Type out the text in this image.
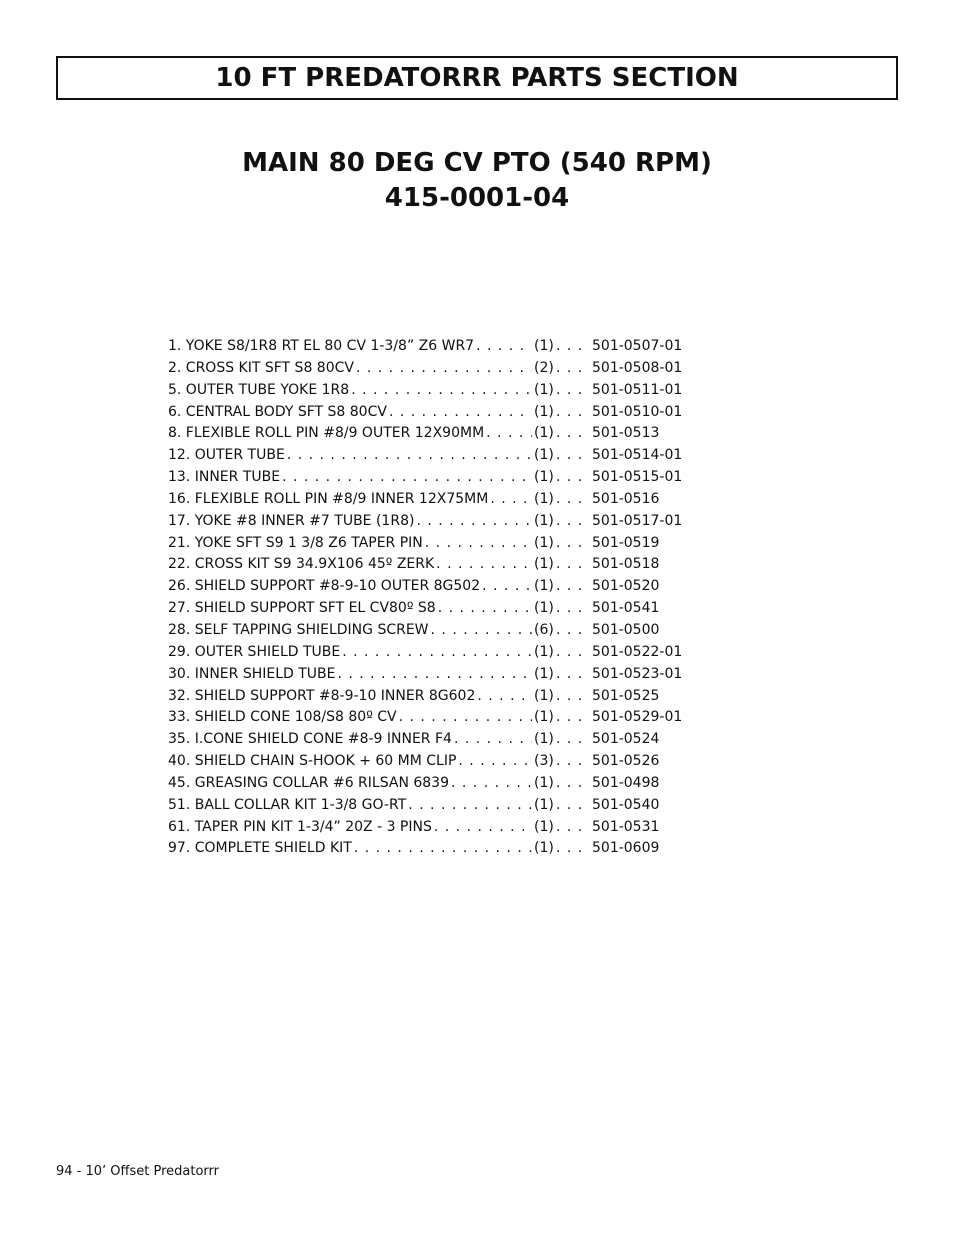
10 FT PREDATORRR PARTS SECTION
MAIN 80 DEG CV PTO (540 RPM)
415-0001-04
1. YOKE S8/1R8 RT EL 80 CV 1-3/8” Z6 WR7 . . .	(1) . . .	501-0507-01
2. CROSS KIT SFT S8 80CV . . .	(2) . . .	501-0508-01
5. OUTER TUBE YOKE 1R8 . . .	(1) . . .	501-0511-01
6. CENTRAL BODY SFT S8 80CV . . .	(1) . . .	501-0510-01
8. FLEXIBLE ROLL PIN #8/9 OUTER 12X90MM . . .	(1) . . .	501-0513
12. OUTER TUBE . . .	(1) . . .	501-0514-01
13. INNER TUBE . . .	(1) . . .	501-0515-01
16. FLEXIBLE ROLL PIN #8/9 INNER 12X75MM . . .	(1) . . .	501-0516
17. YOKE #8 INNER #7 TUBE (1R8) . . .	(1) . . .	501-0517-01
21. YOKE SFT S9 1 3/8 Z6 TAPER PIN . . .	(1) . . .	501-0519
22. CROSS KIT S9 34.9X106 45º ZERK . . .	(1) . . .	501-0518
26. SHIELD SUPPORT #8-9-10 OUTER 8G502 . . .	(1) . . .	501-0520
27. SHIELD SUPPORT SFT EL CV80º S8 . . .	(1) . . .	501-0541
28. SELF TAPPING SHIELDING SCREW . . .	(6) . . .	501-0500
29. OUTER SHIELD TUBE . . .	(1) . . .	501-0522-01
30. INNER SHIELD TUBE . . .	(1) . . .	501-0523-01
32. SHIELD SUPPORT #8-9-10 INNER 8G602 . . .	(1) . . .	501-0525
33. SHIELD CONE 108/S8 80º CV . . .	(1) . . .	501-0529-01
35. I.CONE SHIELD CONE #8-9 INNER F4 . . .	(1) . . .	501-0524
40. SHIELD CHAIN S-HOOK + 60 MM CLIP . . .	(3) . . .	501-0526
45. GREASING COLLAR #6 RILSAN 6839 . . .	(1) . . .	501-0498
51. BALL COLLAR KIT 1-3/8 GO-RT . . .	(1) . . .	501-0540
61. TAPER PIN KIT 1-3/4” 20Z - 3 PINS . . .	(1) . . .	501-0531
97. COMPLETE SHIELD KIT . . .	(1) . . .	501-0609
94 - 10’ Offset Predatorrr
